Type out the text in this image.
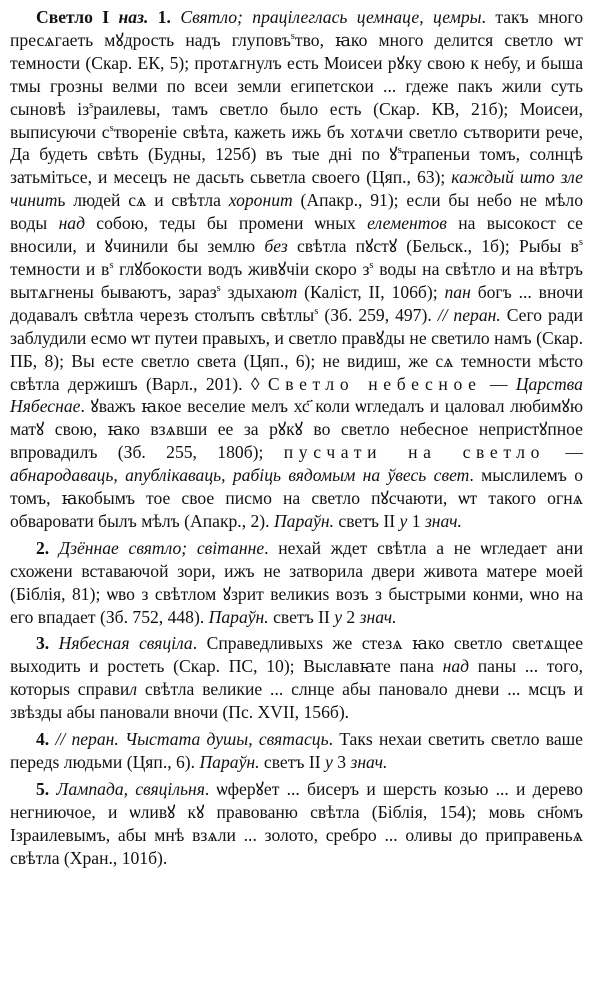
Светло I наз. 1. Святло; працілеглась цемнаце, цемры. такъ много пресѧгаеть мꙋдрость надъ глуповъ$^ѕ$тво, ꙗко много делится светло ѡт темности (Скар. ЕК, 5); протѧгнулъ есть Моисеи рꙋку свою к небу, и быша тмы грозны велми по всеи земли египетскои ... гдеже пакъ жили суть сыновѣ $із^ѕраилевы$, тамъ светло было есть (Скар. КВ, 21б); Моисеи, выписуючи $с^ѕтвореніе$ свѣта, кажеть ижь бъ хотѧчи светло сътворити рече, Да будеть свѣть (Будны, 125б) въ тые дні по ꙋ$^ѕ$трапеньи томъ, солнцѣ затьмітьсе, и месецъ не дасьть сьветла своего (Цяп., 63); каждый што зле чинить людей сѧ и свѣтла хоронит (Апакр., 91); если бы небо не мѣло воды над собою, теды бы промени ѡных елементов на высокост се вносили, и ꙋчинили бы землю без свѣтла пꙋстꙋ (Бельск., 1б); Рыбы $в^ѕ$ темности и $в^ѕ$ глꙋбокости водъ живꙋчіи скоро $з^ѕ$ воды на свѣтло и на вѣтръ вытѧгнены бываютъ, зараз$^ѕ$ здыхают (Каліст, II, 106б); пан богъ ... вночи додавалъ свѣтла черезъ столъпъ свѣтлы$^ѕ$ (Зб. 259, 497). // перан. Сего ради заблудили есмо ѡт путеи правыхъ, и светло правꙋды не светило намъ (Скар. ПБ, 8); Вы есте светло света (Цяп., 6); не видиш, же сѧ темности мѣсто свѣтла держишъ (Варл., 201). ◊ Светло небесное — Царства Нябеснае. ꙋважъ ꙗкое веселие мелъ хс҃ коли ѡгледалъ и цаловал любимꙋю матꙋ свою, ꙗко взѧвши ее за рꙋкꙋ во светло небесное непристꙋпное впровадилъ (Зб. 255, 180б); пусчати на светло — абнародаваць, апублікаваць, рабіць вядомым на ўвесь свет. мыслилемъ о томъ, ꙗкобымъ тое свое писмо на светло пꙋсчаюти, ѡт такого огнѧ обваровати былъ мѣлъ (Апакр., 2). Параўн. светъ II у 1 знач.

2. Дзённае святло; світанне. нехай ждет свѣтла а не ѡгледает ани схожени вставаючой зори, ижъ не затворила двери живота матере моей (Біблія, 81); ѡво з свѣтлом ꙋзрит великиѕ возъ з быстрыми конми, ѡно на его впадает (Зб. 752, 448). Параўн. светъ II у 2 знач.

3. Нябесная свяціла. Справедливыхѕ же стезѧ ꙗко светло светѧщее выходить и ростеть (Скар. ПС, 10); Выславꙗте пана над паны ... того, которыѕ справил свѣтла великие ... слнце абы пановало дневи ... мсцъ и звѣзды абы пановали вночи (Пс. XVII, 156б).

4. // перан. Чыстата душы, святасць. Такѕ нехаи светить светло ваше передѕ людьми (Цяп., 6). Параўн. светъ II у 3 знач.

5. Лампада, свяцільня. ѡферꙋет ... бисеръ и шерсть козью ... и дерево негниючое, и ѡливꙋ кꙋ правованю свѣтла (Біблія, 154); мовь сн҃омъ Ізраилевымъ, абы мнѣ взѧли ... золото, сребро ... оливы до приправеньѧ свѣтла (Хран., 101б).
